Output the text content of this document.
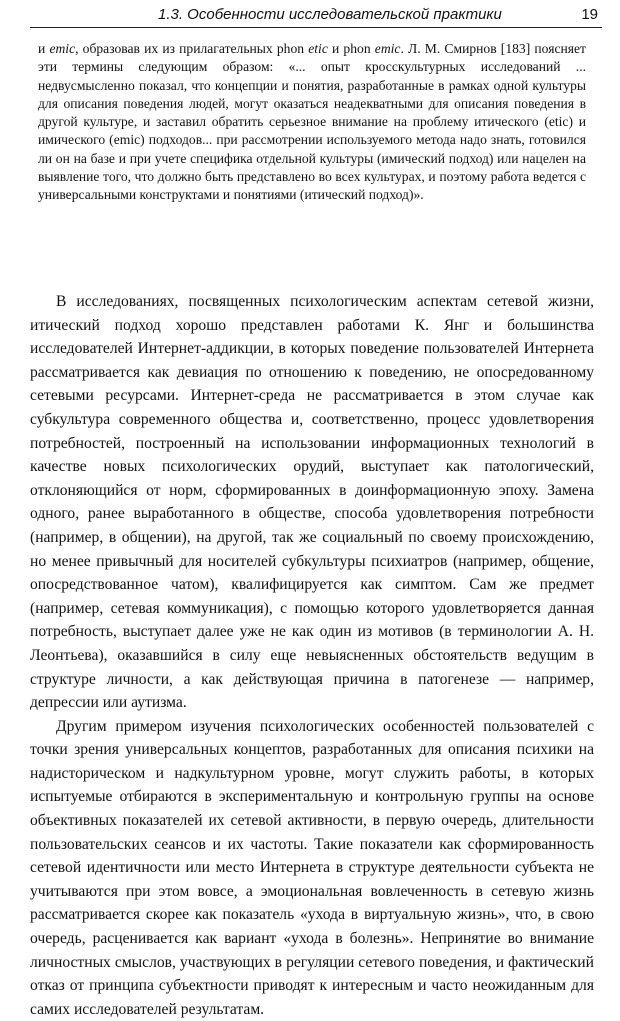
1.3. Особенности исследовательской практики	19

и emic, образовав их из прилагательных phon etic и phon emic. Л. М. Смирнов [183] поясняет эти термины следующим образом: «... опыт кросскультурных исследований ... недвусмысленно показал, что концепции и понятия, разработанные в рамках одной культуры для описания поведения людей, могут оказаться неадекватными для описания поведения в другой культуре, и заставил обратить серьезное внимание на проблему итического (etic) и имического (emic) подходов... при рассмотрении используемого метода надо знать, готовился ли он на базе и при учете специфика отдельной культуры (имический подход) или нацелен на выявление того, что должно быть представлено во всех культурах, и поэтому работа ведется с универсальными конструктами и понятиями (итический подход)».

В исследованиях, посвященных психологическим аспектам сетевой жизни, итический подход хорошо представлен работами К. Янг и большинства исследователей Интернет-аддикции, в которых поведение пользователей Интернета рассматривается как девиация по отношению к поведению, не опосредованному сетевыми ресурсами. Интернет-среда не рассматривается в этом случае как субкультура современного общества и, соответственно, процесс удовлетворения потребностей, построенный на использовании информационных технологий в качестве новых психологических орудий, выступает как патологический, отклоняющийся от норм, сформированных в доинформационную эпоху. Замена одного, ранее выработанного в обществе, способа удовлетворения потребности (например, в общении), на другой, так же социальный по своему происхождению, но менее привычный для носителей субкультуры психиатров (например, общение, опосредствованное чатом), квалифицируется как симптом. Сам же предмет (например, сетевая коммуникация), с помощью которого удовлетворяется данная потребность, выступает далее уже не как один из мотивов (в терминологии А. Н. Леонтьева), оказавшийся в силу еще невыясненных обстоятельств ведущим в структуре личности, а как действующая причина в патогенезе — например, депрессии или аутизма.

Другим примером изучения психологических особенностей пользователей с точки зрения универсальных концептов, разработанных для описания психики на надисторическом и надкультурном уровне, могут служить работы, в которых испытуемые отбираются в экспериментальную и контрольную группы на основе объективных показателей их сетевой активности, в первую очередь, длительности пользовательских сеансов и их частоты. Такие показатели как сформированность сетевой идентичности или место Интернета в структуре деятельности субъекта не учитываются при этом вовсе, а эмоциональная вовлеченность в сетевую жизнь рассматривается скорее как показатель «ухода в виртуальную жизнь», что, в свою очередь, расценивается как вариант «ухода в болезнь». Непринятие во внимание личностных смыслов, участвующих в регуляции сетевого поведения, и фактический отказ от принципа субъектности приводят к интересным и часто неожиданным для самих исследователей результатам.
